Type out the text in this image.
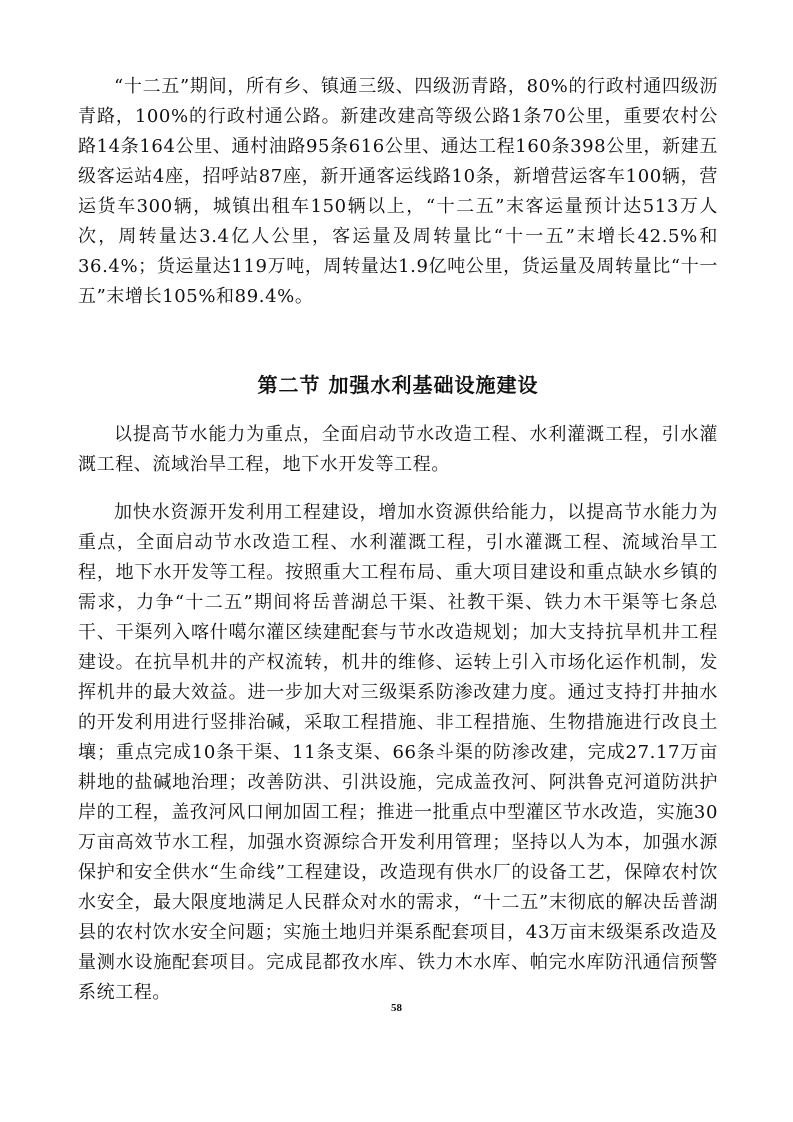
“十二五”期间，所有乡、镇通三级、四级沥青路，80%的行政村通四级沥青路，100%的行政村通公路。新建改建高等级公路1条70公里，重要农村公路14条164公里、通村油路95条616公里、通达工程160条398公里，新建五级客运站4座，招呼站87座，新开通客运线路10条，新增营运客车100辆，营运货车300辆，城镇出租车150辆以上，“十二五”末客运量预计达513万人次，周转量达3.4亿人公里，客运量及周转量比“十一五”末增长42.5%和36.4%；货运量达119万吨，周转量达1.9亿吨公里，货运量及周转量比“十一五”末增长105%和89.4%。

第二节 加强水利基础设施建设

以提高节水能力为重点，全面启动节水改造工程、水利灌溉工程，引水灌溉工程、流域治旱工程，地下水开发等工程。

加快水资源开发利用工程建设，增加水资源供给能力，以提高节水能力为重点，全面启动节水改造工程、水利灌溉工程，引水灌溉工程、流域治旱工程，地下水开发等工程。按照重大工程布局、重大项目建设和重点缺水乡镇的需求，力争“十二五”期间将岳普湖总干渠、社教干渠、铁力木干渠等七条总干、干渠列入喀什噶尔灌区续建配套与节水改造规划；加大支持抗旱机井工程建设。在抗旱机井的产权流转，机井的维修、运转上引入市场化运作机制，发挥机井的最大效益。进一步加大对三级渠系防渗改建力度。通过支持打井抽水的开发利用进行竖排治碱，采取工程措施、非工程措施、生物措施进行改良土壤；重点完成10条干渠、11条支渠、66条斗渠的防渗改建，完成27.17万亩耕地的盐碱地治理；改善防洪、引洪设施，完成盖孜河、阿洪鲁克河道防洪护岸的工程，盖孜河风口闸加固工程；推进一批重点中型灌区节水改造，实施30万亩高效节水工程，加强水资源综合开发利用管理；坚持以人为本，加强水源保护和安全供水“生命线”工程建设，改造现有供水厂的设备工艺，保障农村饮水安全，最大限度地满足人民群众对水的需求，“十二五”末彻底的解决岳普湖县的农村饮水安全问题；实施土地归并渠系配套项目，43万亩末级渠系改造及量测水设施配套项目。完成昆都孜水库、铁力木水库、帕完水库防汛通信预警系统工程。

58
